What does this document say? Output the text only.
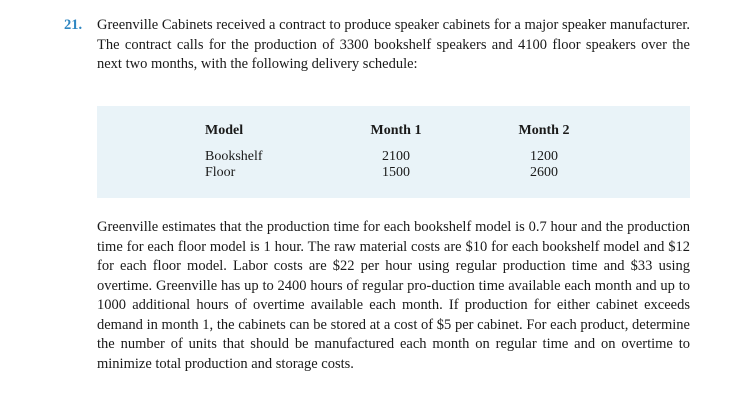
21. Greenville Cabinets received a contract to produce speaker cabinets for a major speaker manufacturer. The contract calls for the production of 3300 bookshelf speakers and 4100 floor speakers over the next two months, with the following delivery schedule:

Model	Month 1	Month 2
Bookshelf	2100	1200
Floor	1500	2600

Greenville estimates that the production time for each bookshelf model is 0.7 hour and the production time for each floor model is 1 hour. The raw material costs are $10 for each bookshelf model and $12 for each floor model. Labor costs are $22 per hour using regular production time and $33 using overtime. Greenville has up to 2400 hours of regular pro-duction time available each month and up to 1000 additional hours of overtime available each month. If production for either cabinet exceeds demand in month 1, the cabinets can be stored at a cost of $5 per cabinet. For each product, determine the number of units that should be manufactured each month on regular time and on overtime to minimize total production and storage costs.
